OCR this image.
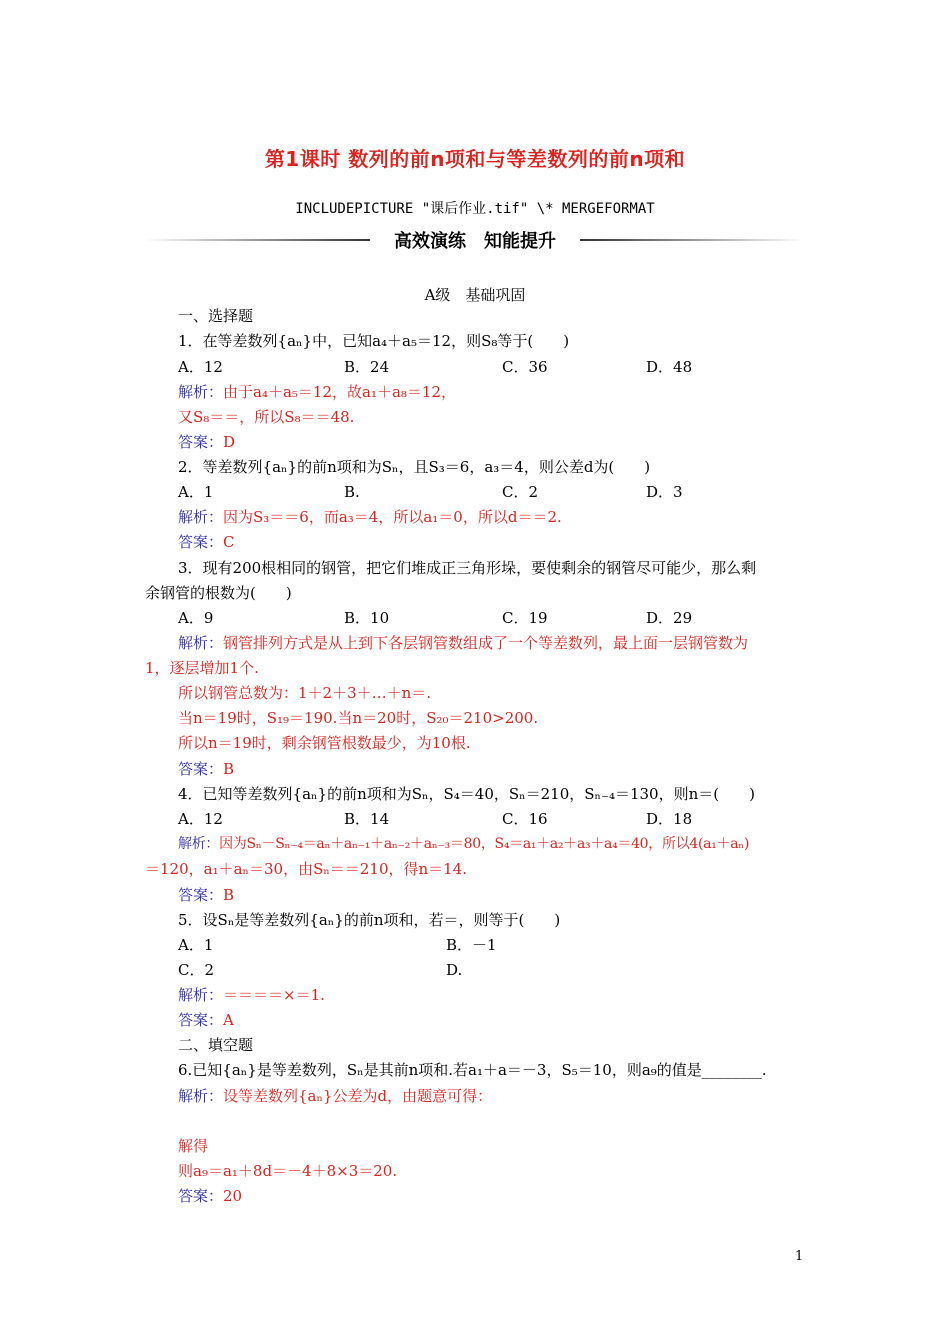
第1课时 数列的前n项和与等差数列的前n项和
INCLUDEPICTURE "课后作业.tif" \* MERGEFORMAT
高效演练　知能提升
A级　基础巩固
一、选择题
1．在等差数列{aₙ}中，已知a₄＋a₅＝12，则S₈等于(　　)
A．12	B．24	C．36	D．48
解析：由于a₄＋a₅＝12，故a₁＋a₈＝12，
又S₈＝＝，所以S₈＝＝48.
答案：D
2．等差数列{aₙ}的前n项和为Sₙ，且S₃＝6，a₃＝4，则公差d为(　　)
A．1	B.	C．2	D．3
解析：因为S₃＝＝6，而a₃＝4，所以a₁＝0，所以d＝＝2.
答案：C
3．现有200根相同的钢管，把它们堆成正三角形垛，要使剩余的钢管尽可能少，那么剩
余钢管的根数为(　　)
A．9	B．10	C．19	D．29
解析：钢管排列方式是从上到下各层钢管数组成了一个等差数列，最上面一层钢管数为
1，逐层增加1个.
所以钢管总数为：1＋2＋3＋…＋n＝.
当n＝19时，S₁₉＝190.当n＝20时，S₂₀＝210>200.
所以n＝19时，剩余钢管根数最少，为10根.
答案：B
4．已知等差数列{aₙ}的前n项和为Sₙ，S₄＝40，Sₙ＝210，Sₙ₋₄＝130，则n＝(　　)
A．12	B．14	C．16	D．18
解析：因为Sₙ－Sₙ₋₄＝aₙ＋aₙ₋₁＋aₙ₋₂＋aₙ₋₃＝80，S₄＝a₁＋a₂＋a₃＋a₄＝40，所以4(a₁＋aₙ)
＝120，a₁＋aₙ＝30，由Sₙ＝＝210，得n＝14.
答案：B
5．设Sₙ是等差数列{aₙ}的前n项和，若＝，则等于(　　)
A．1	B．－1
C．2	D.
解析：＝＝＝＝×＝1.
答案：A
二、填空题
6.已知{aₙ}是等差数列，Sₙ是其前n项和.若a₁＋a＝－3，S₅＝10，则a₉的值是________.
解析：设等差数列{aₙ}公差为d，由题意可得：
解得
则a₉＝a₁＋8d＝－4＋8×3＝20.
答案：20
1
